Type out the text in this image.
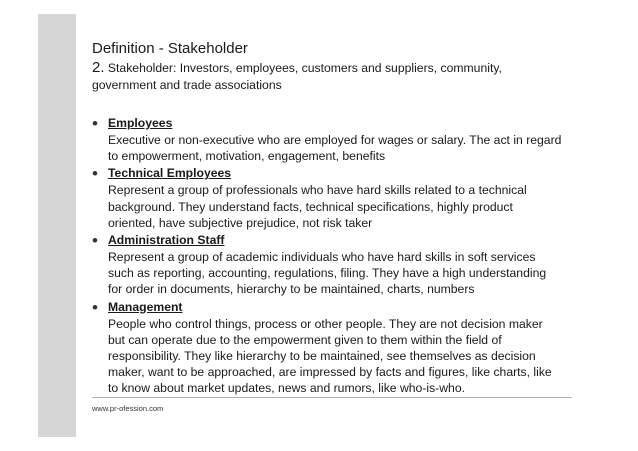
Definition - Stakeholder

2. Stakeholder: Investors, employees, customers and suppliers, community, government and trade associations

• Employees
Executive or non-executive who are employed for wages or salary. The act in regard to empowerment, motivation, engagement, benefits
• Technical Employees
Represent a group of professionals who have hard skills related to a technical background. They understand facts, technical specifications, highly product oriented, have subjective prejudice, not risk taker
• Administration Staff
Represent a group of academic individuals who have hard skills in soft services such as reporting, accounting, regulations, filing. They have a high understanding for order in documents, hierarchy to be maintained, charts, numbers
• Management
People who control things, process or other people. They are not decision maker but can operate due to the empowerment given to them within the field of responsibility. They like hierarchy to be maintained, see themselves as decision maker, want to be approached, are impressed by facts and figures, like charts, like to know about market updates, news and rumors, like who-is-who.
www.pr-ofession.com
